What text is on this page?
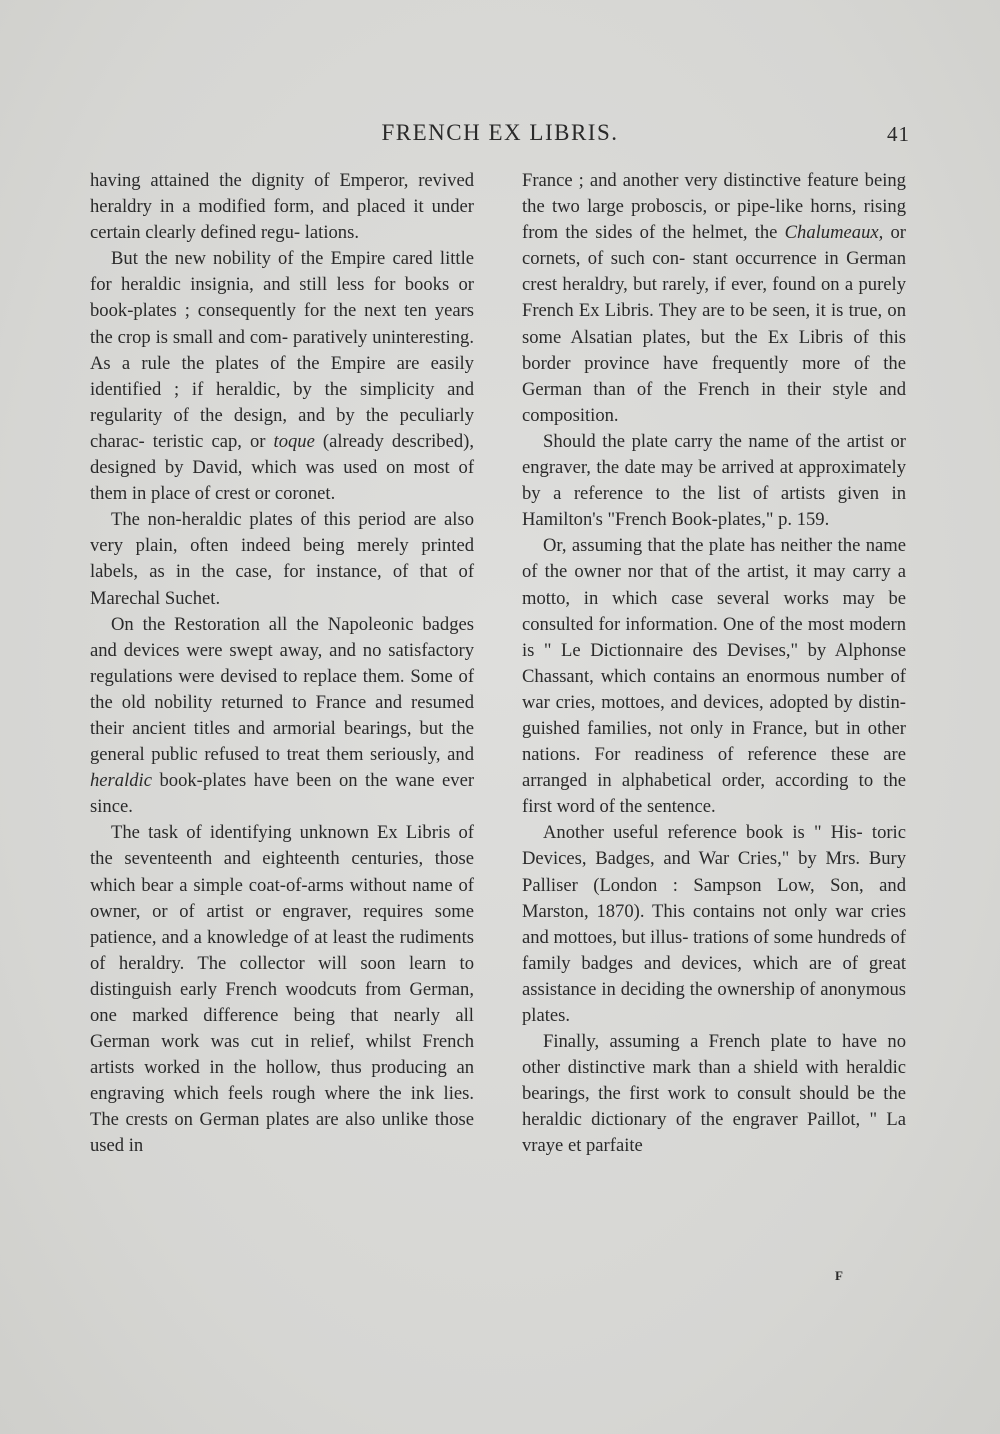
FRENCH EX LIBRIS.	41

having attained the dignity of Emperor, revived heraldry in a modified form, and placed it under certain clearly defined regu- lations.

But the new nobility of the Empire cared little for heraldic insignia, and still less for books or book-plates ; consequently for the next ten years the crop is small and com- paratively uninteresting. As a rule the plates of the Empire are easily identified ; if heraldic, by the simplicity and regularity of the design, and by the peculiarly charac- teristic cap, or toque (already described), designed by David, which was used on most of them in place of crest or coronet.

The non-heraldic plates of this period are also very plain, often indeed being merely printed labels, as in the case, for instance, of that of Marechal Suchet.

On the Restoration all the Napoleonic badges and devices were swept away, and no satisfactory regulations were devised to replace them. Some of the old nobility returned to France and resumed their ancient titles and armorial bearings, but the general public refused to treat them seriously, and heraldic book-plates have been on the wane ever since.

The task of identifying unknown Ex Libris of the seventeenth and eighteenth centuries, those which bear a simple coat-of-arms without name of owner, or of artist or engraver, requires some patience, and a knowledge of at least the rudiments of heraldry. The collector will soon learn to distinguish early French woodcuts from German, one marked difference being that nearly all German work was cut in relief, whilst French artists worked in the hollow, thus producing an engraving which feels rough where the ink lies. The crests on German plates are also unlike those used in

France ; and another very distinctive feature being the two large proboscis, or pipe-like horns, rising from the sides of the helmet, the Chalumeaux, or cornets, of such con- stant occurrence in German crest heraldry, but rarely, if ever, found on a purely French Ex Libris. They are to be seen, it is true, on some Alsatian plates, but the Ex Libris of this border province have frequently more of the German than of the French in their style and composition.

Should the plate carry the name of the artist or engraver, the date may be arrived at approximately by a reference to the list of artists given in Hamilton's "French Book-plates," p. 159.

Or, assuming that the plate has neither the name of the owner nor that of the artist, it may carry a motto, in which case several works may be consulted for information. One of the most modern is " Le Dictionnaire des Devises," by Alphonse Chassant, which contains an enormous number of war cries, mottoes, and devices, adopted by distin- guished families, not only in France, but in other nations. For readiness of reference these are arranged in alphabetical order, according to the first word of the sentence.

Another useful reference book is " His- toric Devices, Badges, and War Cries," by Mrs. Bury Palliser (London : Sampson Low, Son, and Marston, 1870). This contains not only war cries and mottoes, but illus- trations of some hundreds of family badges and devices, which are of great assistance in deciding the ownership of anonymous plates.

Finally, assuming a French plate to have no other distinctive mark than a shield with heraldic bearings, the first work to consult should be the heraldic dictionary of the engraver Paillot, " La vraye et parfaite

F
